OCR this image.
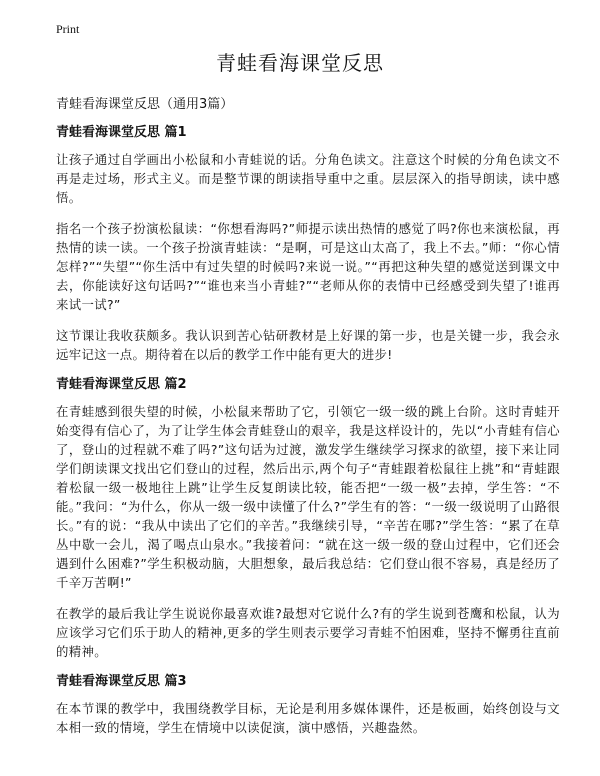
Print
青蛙看海课堂反思

青蛙看海课堂反思（通用3篇）

青蛙看海课堂反思 篇1

让孩子通过自学画出小松鼠和小青蛙说的话。分角色读文。注意这个时候的分角色读文不再是走过场，形式主义。而是整节课的朗读指导重中之重。层层深入的指导朗读，读中感悟。

指名一个孩子扮演松鼠读：“你想看海吗?”师提示读出热情的感觉了吗?你也来演松鼠，再热情的读一读。一个孩子扮演青蛙读：“是啊，可是这山太高了，我上不去。”师：“你心情怎样?”“失望”“你生活中有过失望的时候吗?来说一说。”“再把这种失望的感觉送到课文中去，你能读好这句话吗?”“谁也来当小青蛙?”“老师从你的表情中已经感受到失望了!谁再来试一试?”

这节课让我收获颇多。我认识到苦心钻研教材是上好课的第一步，也是关键一步，我会永远牢记这一点。期待着在以后的教学工作中能有更大的进步!

青蛙看海课堂反思 篇2

在青蛙感到很失望的时候，小松鼠来帮助了它，引领它一级一级的跳上台阶。这时青蛙开始变得有信心了，为了让学生体会青蛙登山的艰辛，我是这样设计的，先以“小青蛙有信心了，登山的过程就不难了吗?”这句话为过渡，激发学生继续学习探求的欲望，接下来让同学们朗读课文找出它们登山的过程，然后出示,两个句子“青蛙跟着松鼠往上挑”和“青蛙跟着松鼠一级一极地往上跳”让学生反复朗读比较，能否把“一级一极”去掉，学生答：“不能。”我问：“为什么，你从一级一级中读懂了什么?”学生有的答：“一级一级说明了山路很长。”有的说：“我从中读出了它们的辛苦。”我继续引导，“辛苦在哪?”学生答：“累了在草丛中歇一会儿，渴了喝点山泉水。”我接着问：“就在这一级一级的登山过程中，它们还会遇到什么困难?”学生积极动脑，大胆想象，最后我总结：它们登山很不容易，真是经历了千辛万苦啊!”

在教学的最后我让学生说说你最喜欢谁?最想对它说什么?有的学生说到苍鹰和松鼠，认为应该学习它们乐于助人的精神,更多的学生则表示要学习青蛙不怕困难，坚持不懈勇往直前的精神。

青蛙看海课堂反思 篇3

在本节课的教学中，我围绕教学目标，无论是利用多媒体课件，还是板画，始终创设与文本相一致的情境，学生在情境中以读促演，演中感悟，兴趣盎然。
